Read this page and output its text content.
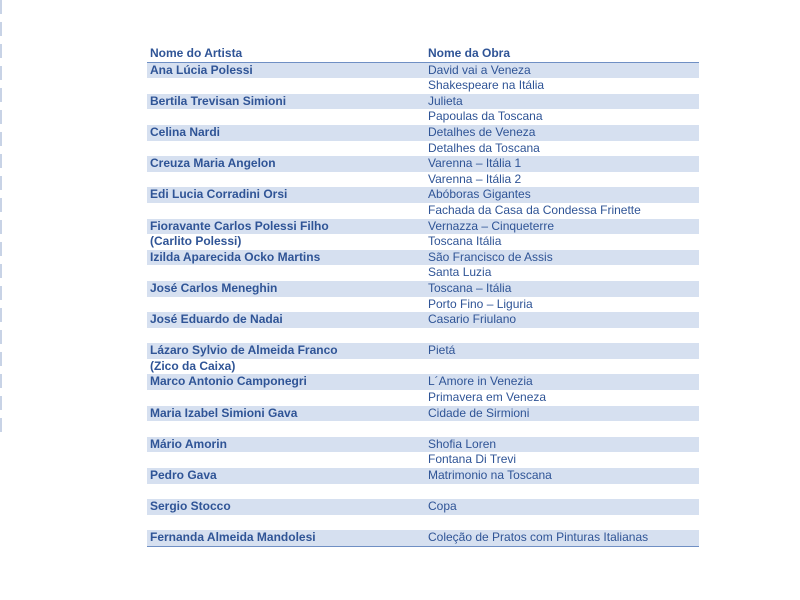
Nome do Artista	Nome da Obra
Ana Lúcia Polessi	David vai a Veneza
	Shakespeare na Itália
Bertila Trevisan Simioni	Julieta
	Papoulas da Toscana
Celina Nardi	Detalhes de Veneza
	Detalhes da Toscana
Creuza Maria Angelon	Varenna – Itália 1
	Varenna – Itália 2
Edi Lucia Corradini Orsi	Abóboras Gigantes
	Fachada da Casa da Condessa Frinette
Fioravante Carlos Polessi Filho	Vernazza – Cinqueterre
(Carlito Polessi)	Toscana Itália
Izilda Aparecida Ocko Martins	São Francisco de Assis
	Santa Luzia
José Carlos Meneghin	Toscana – Itália
	Porto Fino – Liguria
José Eduardo de Nadai	Casario Friulano

Lázaro Sylvio de Almeida Franco	Pietá
(Zico da Caixa)	
Marco Antonio Camponegri	L´Amore in Venezia
	Primavera em Veneza
Maria Izabel Simioni Gava	Cidade de Sirmioni

Mário Amorin	Shofia Loren
	Fontana Di Trevi
Pedro Gava	Matrimonio na Toscana

Sergio Stocco	Copa

Fernanda Almeida Mandolesi	Coleção de Pratos com Pinturas Italianas
